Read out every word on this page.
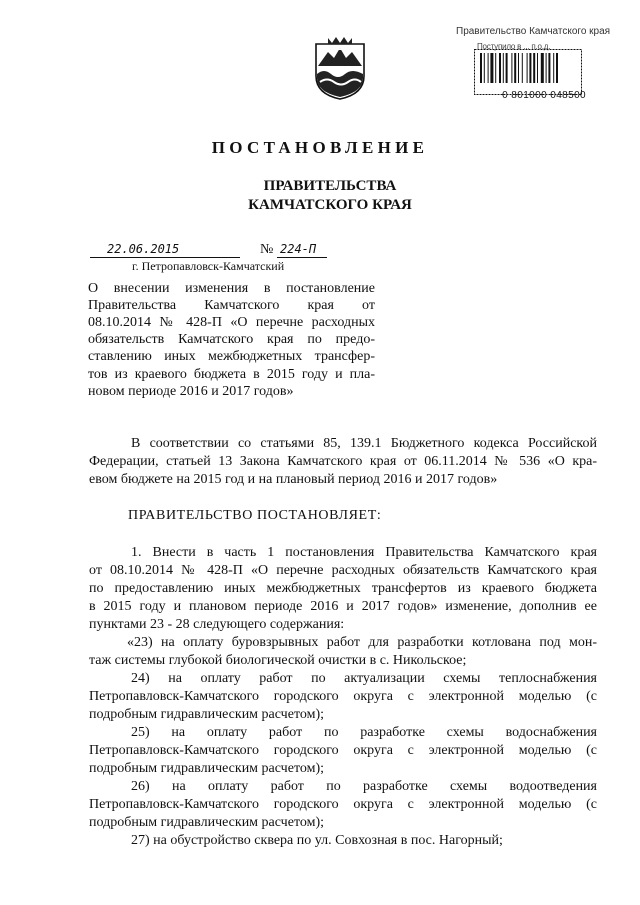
Правительство Камчатского края
Поступило в ... п.о.д.
0 801000 048500
ПОСТАНОВЛЕНИЕ
ПРАВИТЕЛЬСТВА
КАМЧАТСКОГО КРАЯ
22.06.2015	№ 224-П
г. Петропавловск-Камчатский
О внесении изменения в постановление
Правительства Камчатского края от
08.10.2014 № 428-П «О перечне расходных
обязательств Камчатского края по предо-
ставлению иных межбюджетных трансфер-
тов из краевого бюджета в 2015 году и пла-
новом периоде 2016 и 2017 годов»
В соответствии со статьями 85, 139.1 Бюджетного кодекса Российской
Федерации, статьей 13 Закона Камчатского края от 06.11.2014 № 536 «О кра-
евом бюджете на 2015 год и на плановый период 2016 и 2017 годов»
ПРАВИТЕЛЬСТВО ПОСТАНОВЛЯЕТ:
1. Внести в часть 1 постановления Правительства Камчатского края
от 08.10.2014 № 428-П «О перечне расходных обязательств Камчатского края
по предоставлению иных межбюджетных трансфертов из краевого бюджета
в 2015 году и плановом периоде 2016 и 2017 годов» изменение, дополнив ее
пунктами 23 - 28 следующего содержания:
«23) на оплату буровзрывных работ для разработки котлована под мон-
таж системы глубокой биологической очистки в с. Никольское;
24) на оплату работ по актуализации схемы теплоснабжения
Петропавловск-Камчатского городского округа с электронной моделью (с
подробным гидравлическим расчетом);
25) на оплату работ по разработке схемы водоснабжения
Петропавловск-Камчатского городского округа с электронной моделью (с
подробным гидравлическим расчетом);
26) на оплату работ по разработке схемы водоотведения
Петропавловск-Камчатского городского округа с электронной моделью (с
подробным гидравлическим расчетом);
27) на обустройство сквера по ул. Совхозная в пос. Нагорный;
